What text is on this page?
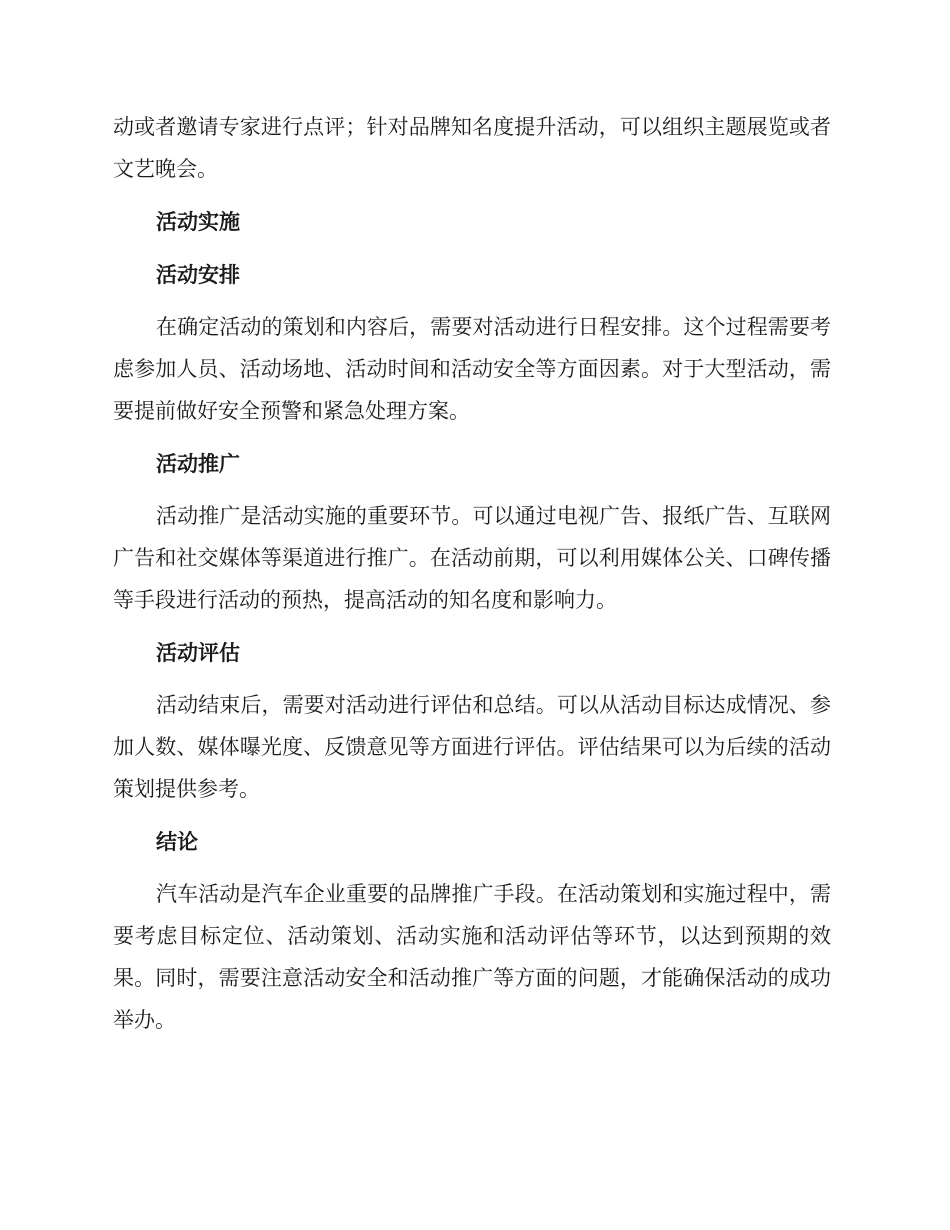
动或者邀请专家进行点评；针对品牌知名度提升活动，可以组织主题展览或者文艺晚会。

活动实施
活动安排

在确定活动的策划和内容后，需要对活动进行日程安排。这个过程需要考虑参加人员、活动场地、活动时间和活动安全等方面因素。对于大型活动，需要提前做好安全预警和紧急处理方案。

活动推广

活动推广是活动实施的重要环节。可以通过电视广告、报纸广告、互联网广告和社交媒体等渠道进行推广。在活动前期，可以利用媒体公关、口碑传播等手段进行活动的预热，提高活动的知名度和影响力。

活动评估

活动结束后，需要对活动进行评估和总结。可以从活动目标达成情况、参加人数、媒体曝光度、反馈意见等方面进行评估。评估结果可以为后续的活动策划提供参考。

结论

汽车活动是汽车企业重要的品牌推广手段。在活动策划和实施过程中，需要考虑目标定位、活动策划、活动实施和活动评估等环节，以达到预期的效果。同时，需要注意活动安全和活动推广等方面的问题，才能确保活动的成功举办。
